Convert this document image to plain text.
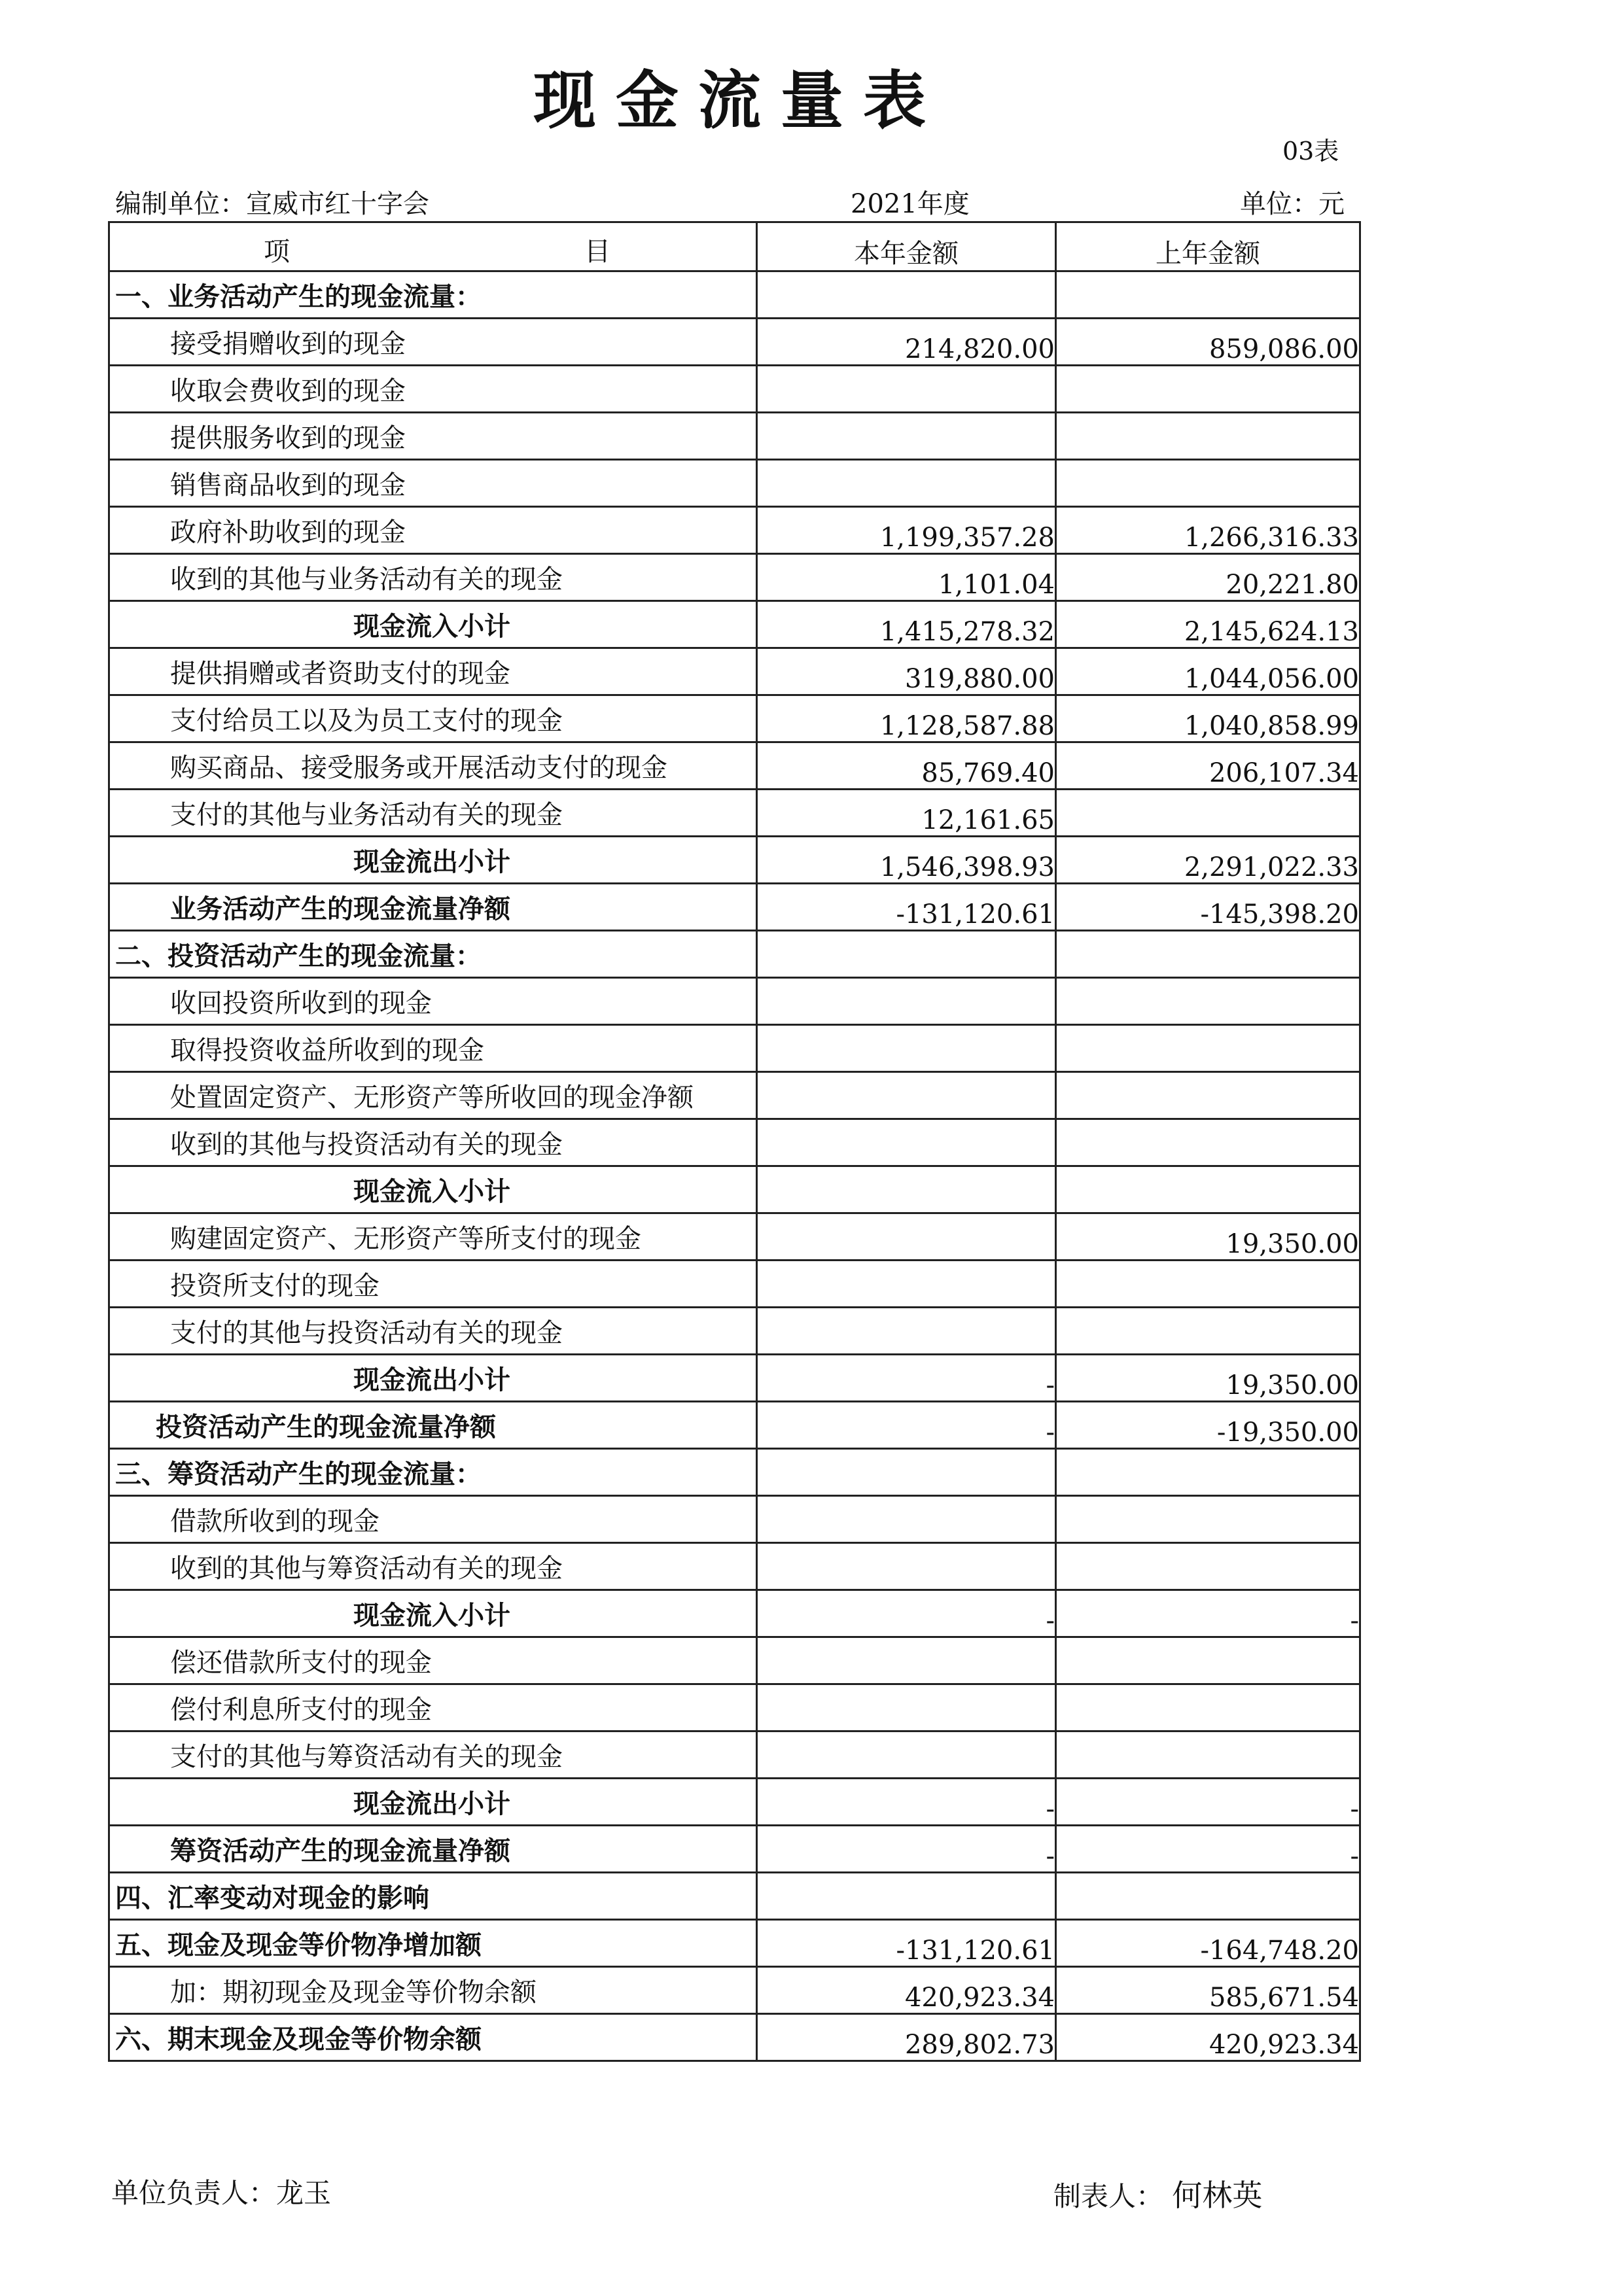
现金流量表
03表
编制单位：宣威市红十字会	2021年度	单位：元
项 目	本年金额	上年金额
一、业务活动产生的现金流量：		
接受捐赠收到的现金	214,820.00	859,086.00
收取会费收到的现金		
提供服务收到的现金		
销售商品收到的现金		
政府补助收到的现金	1,199,357.28	1,266,316.33
收到的其他与业务活动有关的现金	1,101.04	20,221.80
现金流入小计	1,415,278.32	2,145,624.13
提供捐赠或者资助支付的现金	319,880.00	1,044,056.00
支付给员工以及为员工支付的现金	1,128,587.88	1,040,858.99
购买商品、接受服务或开展活动支付的现金	85,769.40	206,107.34
支付的其他与业务活动有关的现金	12,161.65	
现金流出小计	1,546,398.93	2,291,022.33
业务活动产生的现金流量净额	-131,120.61	-145,398.20
二、投资活动产生的现金流量：		
收回投资所收到的现金		
取得投资收益所收到的现金		
处置固定资产、无形资产等所收回的现金净额		
收到的其他与投资活动有关的现金		
现金流入小计		
购建固定资产、无形资产等所支付的现金		19,350.00
投资所支付的现金		
支付的其他与投资活动有关的现金		
现金流出小计	-	19,350.00
投资活动产生的现金流量净额	-	-19,350.00
三、筹资活动产生的现金流量：		
借款所收到的现金		
收到的其他与筹资活动有关的现金		
现金流入小计	-	-
偿还借款所支付的现金		
偿付利息所支付的现金		
支付的其他与筹资活动有关的现金		
现金流出小计	-	-
筹资活动产生的现金流量净额	-	-
四、汇率变动对现金的影响		
五、现金及现金等价物净增加额	-131,120.61	-164,748.20
加：期初现金及现金等价物余额	420,923.34	585,671.54
六、期末现金及现金等价物余额	289,802.73	420,923.34
单位负责人：龙玉	制表人： 何林英
